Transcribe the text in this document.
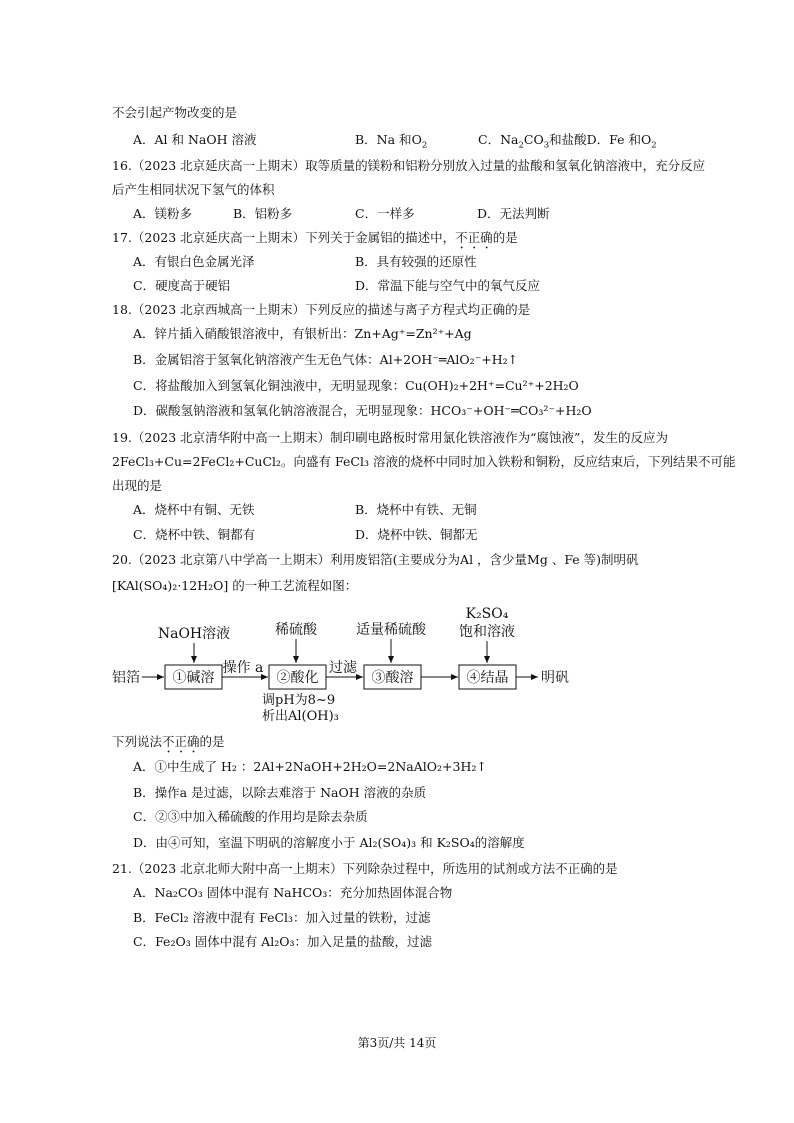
不会引起产物改变的是
A．Al 和 NaOH 溶液	B．Na 和$O_2$	C．$Na_2CO_3$和盐酸D．Fe 和$O_2$
16.（2023 北京延庆高一上期末）取等质量的镁粉和铝粉分别放入过量的盐酸和氢氧化钠溶液中，充分反应
后产生相同状况下氢气的体积
A．镁粉多	B．铝粉多	C．一样多	D．无法判断
17.（2023 北京延庆高一上期末）下列关于金属铝的描述中，不正确的是
A．有银白色金属光泽	B．具有较强的还原性
C．硬度高于硬铝	D．常温下能与空气中的氧气反应
18.（2023 北京西城高一上期末）下列反应的描述与离子方程式均正确的是
A．锌片插入硝酸银溶液中，有银析出：Zn+Ag⁺=Zn²⁺+Ag
B．金属铝溶于氢氧化钠溶液产生无色气体：Al+2OH⁻═AlO₂⁻+H₂↑
C．将盐酸加入到氢氧化铜浊液中，无明显现象：Cu(OH)₂+2H⁺=Cu²⁺+2H₂O
D．碳酸氢钠溶液和氢氧化钠溶液混合，无明显现象：HCO₃⁻+OH⁻═CO₃²⁻+H₂O
19.（2023 北京清华附中高一上期末）制印刷电路板时常用氯化铁溶液作为“腐蚀液”，发生的反应为
2FeCl₃+Cu=2FeCl₂+CuCl₂。向盛有 FeCl₃ 溶液的烧杯中同时加入铁粉和铜粉，反应结束后，下列结果不可能
出现的是
A．烧杯中有铜、无铁	B．烧杯中有铁、无铜
C．烧杯中铁、铜都有	D．烧杯中铁、铜都无
20.（2023 北京第八中学高一上期末）利用废铝箔(主要成分为Al ，含少量Mg 、Fe 等)制明矾
[KAl(SO₄)₂·12H₂O] 的一种工艺流程如图：
NaOH溶液	稀硫酸	适量稀硫酸
K₂SO₄
饱和溶液
铝箔 ①碱溶
操作 a
②酸化
调pH为8~9
析出Al(OH)₃
过滤
③酸溶	④结晶 明矾
下列说法不正确的是
A．①中生成了 H₂ ：2Al+2NaOH+2H₂O=2NaAlO₂+3H₂↑
B．操作a 是过滤，以除去难溶于 NaOH 溶液的杂质
C．②③中加入稀硫酸的作用均是除去杂质
D．由④可知，室温下明矾的溶解度小于 Al₂(SO₄)₃ 和 K₂SO₄的溶解度
21.（2023 北京北师大附中高一上期末）下列除杂过程中，所选用的试剂或方法不正确的是
A．Na₂CO₃ 固体中混有 NaHCO₃：充分加热固体混合物
B．FeCl₂ 溶液中混有 FeCl₃：加入过量的铁粉，过滤
C．Fe₂O₃ 固体中混有 Al₂O₃：加入足量的盐酸，过滤
第3页/共 14页
